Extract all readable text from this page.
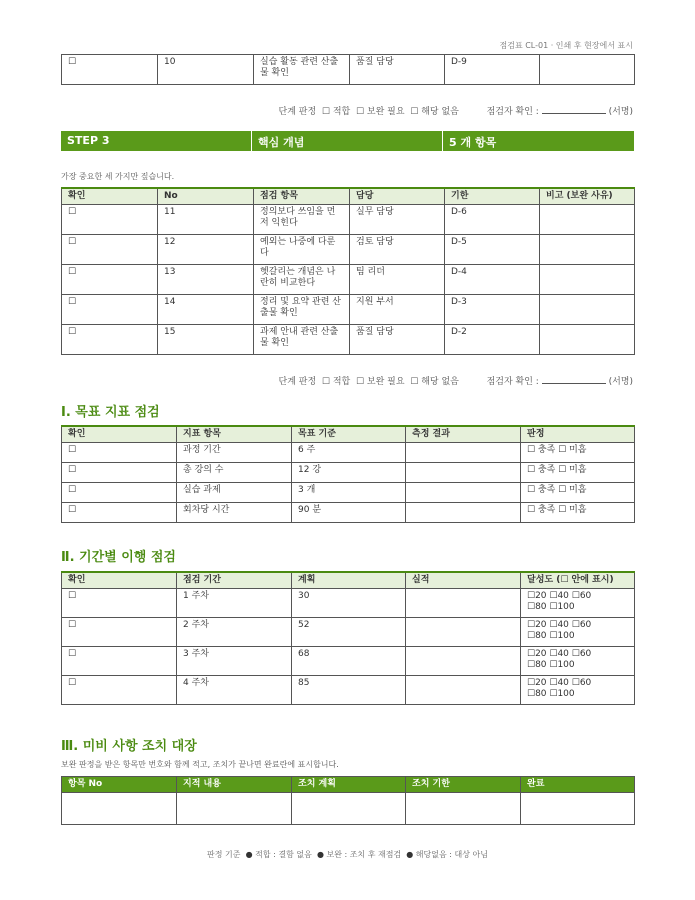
점검표 CL-01 · 인쇄 후 현장에서 표시
☐	10	실습 활동 관련 산출물 확인	품질 담당	D-9	
단계 판정 ☐ 적합 ☐ 보완 필요 ☐ 해당 없음	점검자 확인 :	(서명)
STEP 3	핵심 개념	5 개 항목
가장 중요한 세 가지만 짚습니다.
확인	No	점검 항목	담당	기한	비고 (보완 사유)
☐	11	정의보다 쓰임을 먼저 익힌다	실무 담당	D-6	
☐	12	예외는 나중에 다룬다	검토 담당	D-5	
☐	13	헷갈리는 개념은 나란히 비교한다	팀 리더	D-4	
☐	14	정리 및 요약 관련 산출물 확인	지원 부서	D-3	
☐	15	과제 안내 관련 산출물 확인	품질 담당	D-2	
단계 판정 ☐ 적합 ☐ 보완 필요 ☐ 해당 없음	점검자 확인 :	(서명)
Ⅰ. 목표 지표 점검
확인	지표 항목	목표 기준	측정 결과	판정
☐	과정 기간	6 주		☐ 충족 ☐ 미흡
☐	총 강의 수	12 강		☐ 충족 ☐ 미흡
☐	실습 과제	3 개		☐ 충족 ☐ 미흡
☐	회차당 시간	90 분		☐ 충족 ☐ 미흡
Ⅱ. 기간별 이행 점검
확인	점검 기간	계획	실적	달성도 (☐ 안에 표시)
☐	1 주차	30		☐20 ☐40 ☐60
☐80 ☐100

☐	2 주차	52		☐20 ☐40 ☐60
☐80 ☐100

☐	3 주차	68		☐20 ☐40 ☐60
☐80 ☐100

☐	4 주차	85		☐20 ☐40 ☐60
☐80 ☐100
Ⅲ. 미비 사항 조치 대장
보완 판정을 받은 항목만 번호와 함께 적고, 조치가 끝나면 완료란에 표시합니다.
항목 No	지적 내용	조치 계획	조치 기한	완료

판정 기준 ● 적합 : 결함 없음 ● 보완 : 조치 후 재점검 ● 해당없음 : 대상 아님
